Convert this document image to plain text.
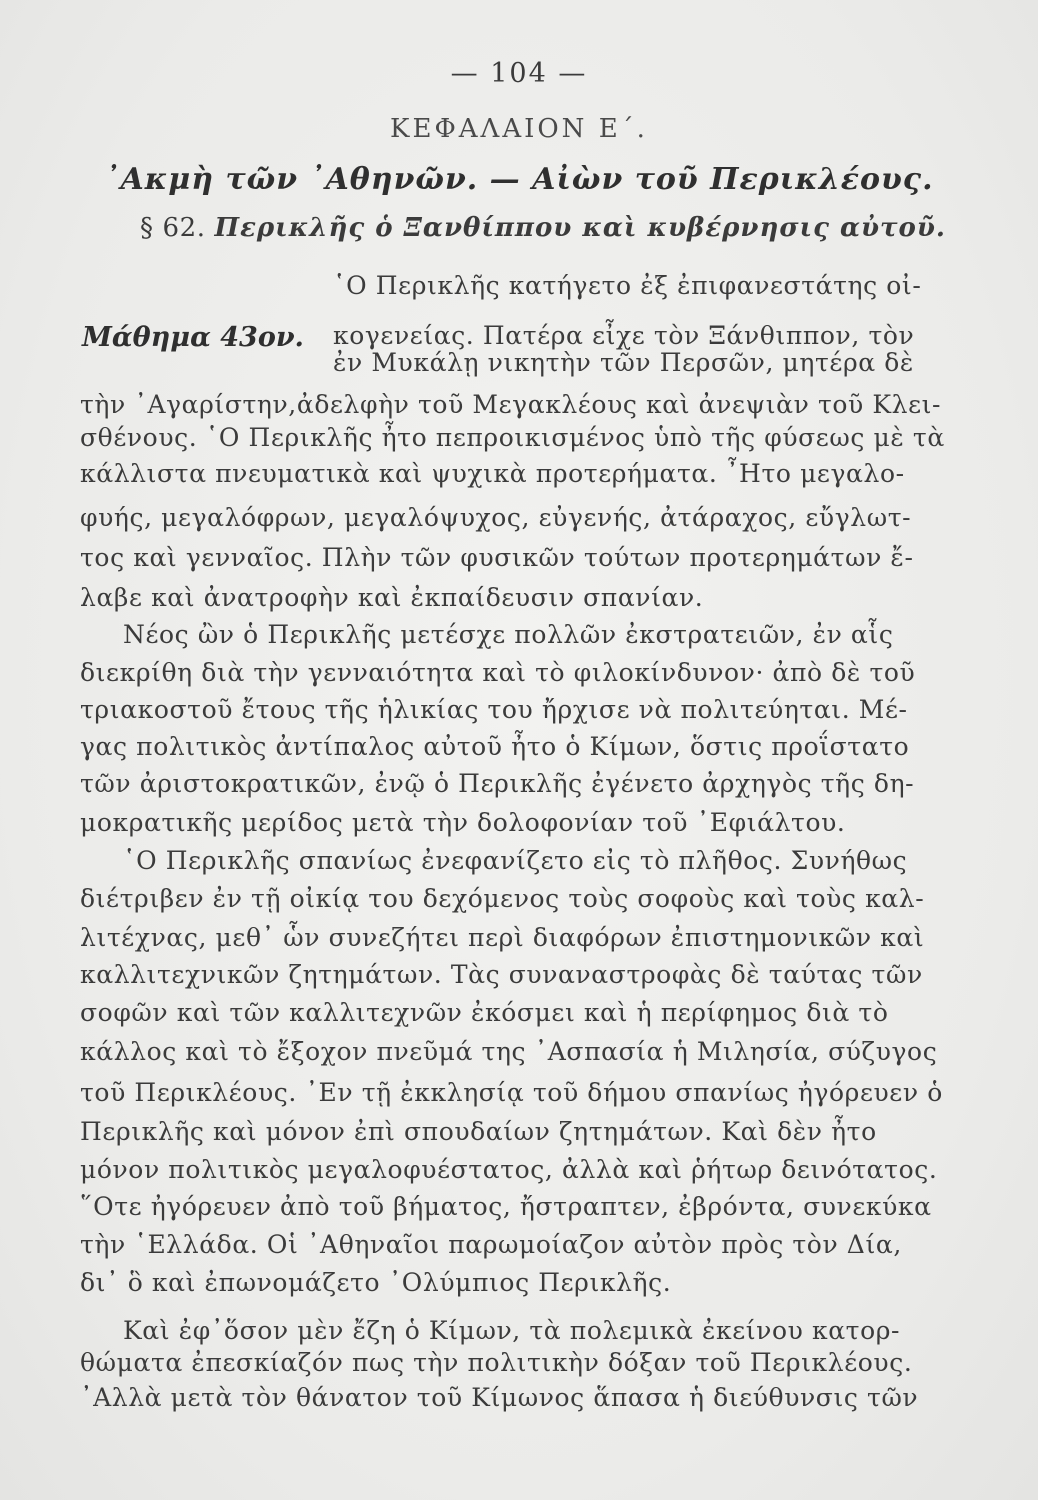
— 104 —
ΚΕΦΑΛΑΙΟΝ Ε΄.
᾿Ακμὴ τῶν ᾿Αθηνῶν. — Αἰὼν τοῦ Περικλέους.
§ 62. Περικλῆς ὁ Ξανθίππου καὶ κυβέρνησις αὐτοῦ.
Μάθημα 43ον.
῾Ο Περικλῆς κατήγετο ἐξ ἐπιφανεστάτης οἰ-
κογενείας. Πατέρα εἶχε τὸν Ξάνθιππον, τὸν
ἐν Μυκάλῃ νικητὴν τῶν Περσῶν, μητέρα δὲ
τὴν ᾿Αγαρίστην,ἀδελφὴν τοῦ Μεγακλέους καὶ ἀνεψιὰν τοῦ Κλει-
σθένους. ῾Ο Περικλῆς ἦτο πεπροικισμένος ὑπὸ τῆς φύσεως μὲ τὰ
κάλλιστα πνευματικὰ καὶ ψυχικὰ προτερήματα. ῏Ητο μεγαλο-
φυής, μεγαλόφρων, μεγαλόψυχος, εὐγενής, ἀτάραχος, εὔγλωτ-
τος καὶ γενναῖος. Πλὴν τῶν φυσικῶν τούτων προτερημάτων ἔ-
λαβε καὶ ἀνατροφὴν καὶ ἐκπαίδευσιν σπανίαν.
Νέος ὢν ὁ Περικλῆς μετέσχε πολλῶν ἐκστρατειῶν, ἐν αἷς
διεκρίθη διὰ τὴν γενναιότητα καὶ τὸ φιλοκίνδυνον· ἀπὸ δὲ τοῦ
τριακοστοῦ ἔτους τῆς ἡλικίας του ἤρχισε νὰ πολιτεύηται. Μέ-
γας πολιτικὸς ἀντίπαλος αὐτοῦ ἦτο ὁ Κίμων, ὅστις προΐστατο
τῶν ἀριστοκρατικῶν, ἐνῷ ὁ Περικλῆς ἐγένετο ἀρχηγὸς τῆς δη-
μοκρατικῆς μερίδος μετὰ τὴν δολοφονίαν τοῦ ᾿Εφιάλτου.
῾Ο Περικλῆς σπανίως ἐνεφανίζετο εἰς τὸ πλῆθος. Συνήθως
διέτριβεν ἐν τῇ οἰκίᾳ του δεχόμενος τοὺς σοφοὺς καὶ τοὺς καλ-
λιτέχνας, μεθ᾿ ὧν συνεζήτει περὶ διαφόρων ἐπιστημονικῶν καὶ
καλλιτεχνικῶν ζητημάτων. Τὰς συναναστροφὰς δὲ ταύτας τῶν
σοφῶν καὶ τῶν καλλιτεχνῶν ἐκόσμει καὶ ἡ περίφημος διὰ τὸ
κάλλος καὶ τὸ ἔξοχον πνεῦμά της ᾿Ασπασία ἡ Μιλησία, σύζυγος
τοῦ Περικλέους. ᾿Εν τῇ ἐκκλησίᾳ τοῦ δήμου σπανίως ἠγόρευεν ὁ
Περικλῆς καὶ μόνον ἐπὶ σπουδαίων ζητημάτων. Καὶ δὲν ἦτο
μόνον πολιτικὸς μεγαλοφυέστατος, ἀλλὰ καὶ ῥήτωρ δεινότατος.
῞Οτε ἠγόρευεν ἀπὸ τοῦ βήματος, ἤστραπτεν, ἐβρόντα, συνεκύκα
τὴν ῾Ελλάδα. Οἱ ᾿Αθηναῖοι παρωμοίαζον αὐτὸν πρὸς τὸν Δία,
δι᾿ ὃ καὶ ἐπωνομάζετο ᾿Ολύμπιος Περικλῆς.
Καὶ ἐφ᾿ὅσον μὲν ἔζη ὁ Κίμων, τὰ πολεμικὰ ἐκείνου κατορ-
θώματα ἐπεσκίαζόν πως τὴν πολιτικὴν δόξαν τοῦ Περικλέους.
᾿Αλλὰ μετὰ τὸν θάνατον τοῦ Κίμωνος ἅπασα ἡ διεύθυνσις τῶν
